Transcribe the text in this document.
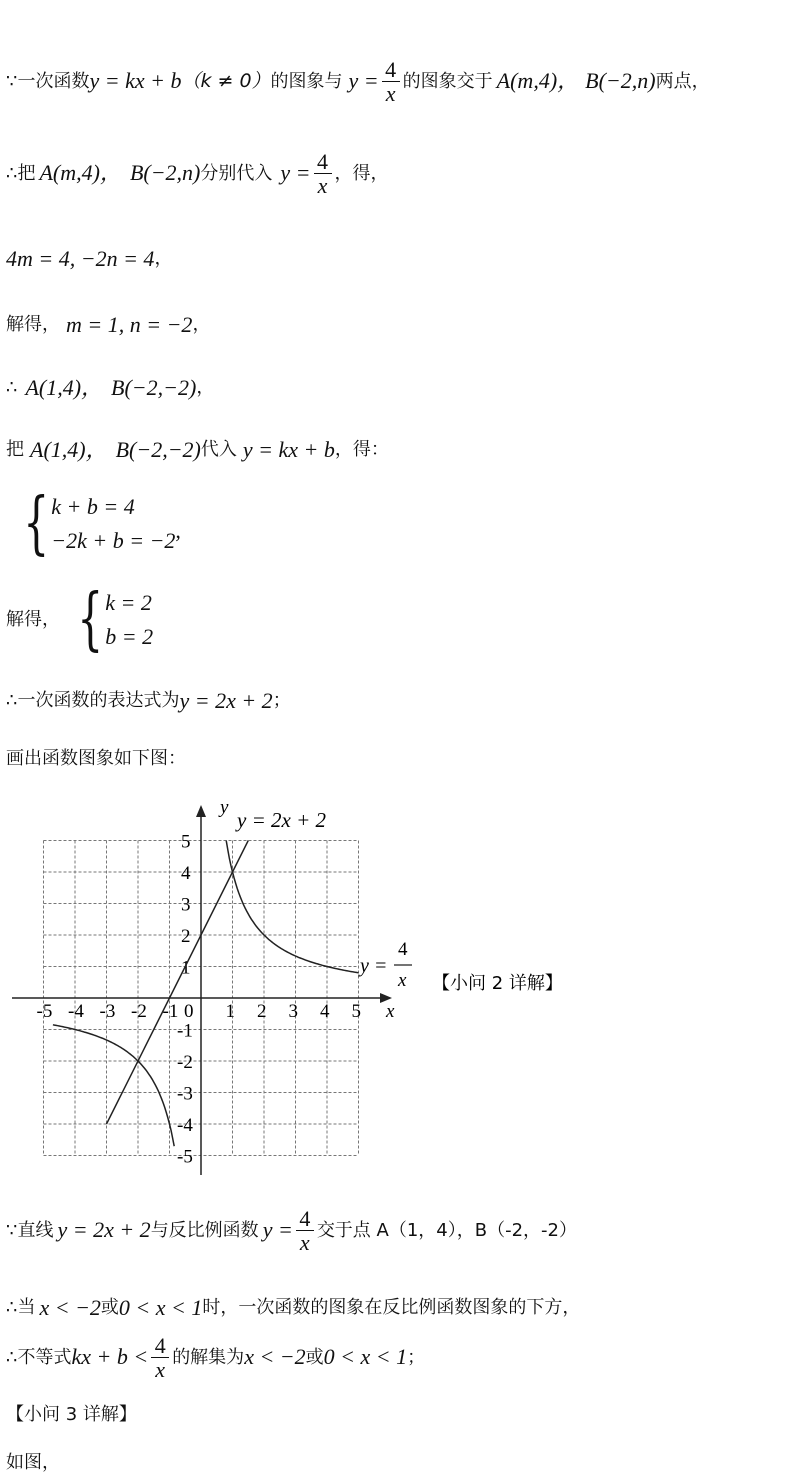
∵一次函数 y = kx + b （k ≠ 0） 的图象与 $y = \frac{4}{x}$ 的图象交于 A(m,4)， B(−2,n) 两点，
∴把 A(m,4)， B(−2,n) 分别代入 $y = \frac{4}{x}$ ，得，
4m = 4, −2n = 4 ，
解得， m = 1, n = −2 ，
∴ A(1,4)， B(−2,−2) ，
把 A(1,4)， B(−2,−2) 代入 y = kx + b ，得：
{ k + b = 4
−2k + b = −2 ,
解得， { k = 2
b = 2
∴一次函数的表达式为 y = 2x + 2 ；
画出函数图象如下图：
-5 -4 -3 -2 -1 1 2 3 4 5
5
4
3
2
1
-1
-2
-3
-4
-5
y
x
0
y = 2x + 2
y =
4
x 【小问 2 详解】
∵直线 y = 2x + 2 与反比例函数 $y = \frac{4}{x}$ 交于点 A（1，4），B（-2，-2）
∴当 x < −2 或 0 < x < 1 时，一次函数的图象在反比例函数图象的下方，
∴不等式 kx + $b < \frac{4}{x}$ 的解集为 x < −2 或 0 < x < 1 ；
【小问 3 详解】
如图，
